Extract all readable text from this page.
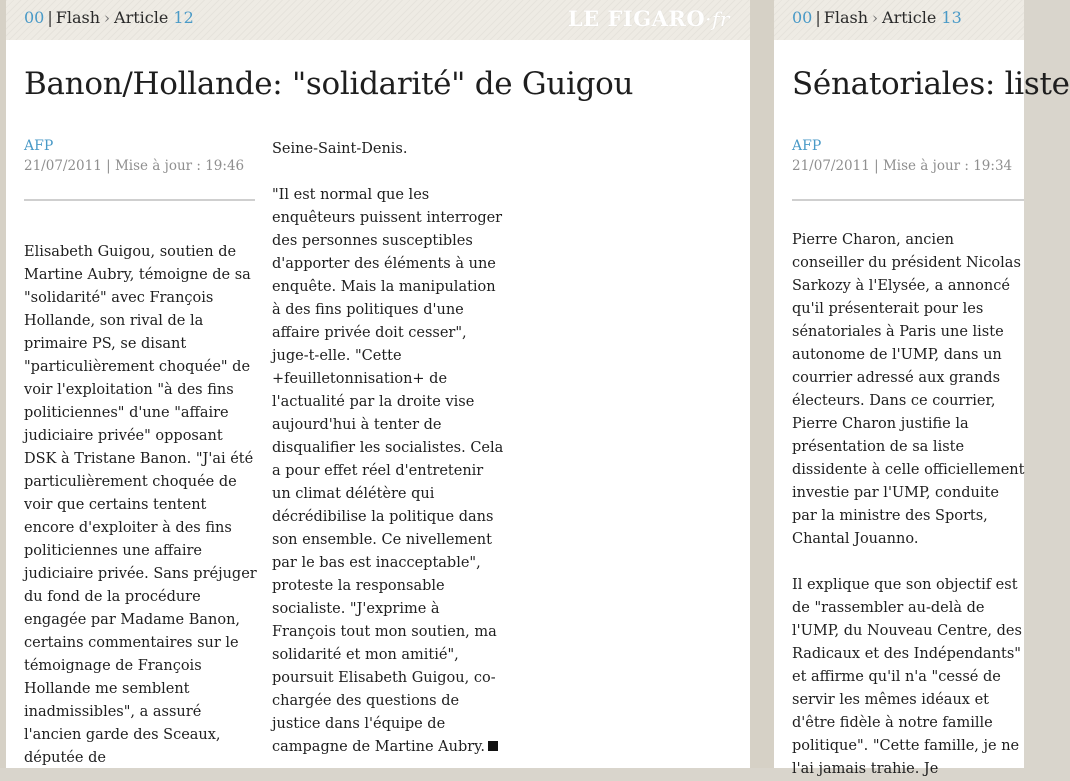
00 | Flash › Article 12	LE FIGARO·fr
Banon/Hollande: "solidarité" de Guigou
AFP
21/07/2011 | Mise à jour : 19:46

Elisabeth Guigou, soutien de Martine Aubry, témoigne de sa "solidarité" avec François Hollande, son rival de la primaire PS, se disant "particulièrement choquée" de voir l'exploitation "à des fins politiciennes" d'une "affaire judiciaire privée" opposant DSK à Tristane Banon. "J'ai été particulièrement choquée de voir que certains tentent encore d'exploiter à des fins politiciennes une affaire judiciaire privée. Sans préjuger du fond de la procédure engagée par Madame Banon, certains commentaires sur le témoignage de François Hollande me semblent inadmissibles", a assuré l'ancien garde des Sceaux, députée de

Seine-Saint-Denis.

"Il est normal que les enquêteurs puissent interroger des personnes susceptibles d'apporter des éléments à une enquête. Mais la manipulation à des fins politiques d'une affaire privée doit cesser", juge-t-elle. "Cette +feuilletonnisation+ de l'actualité par la droite vise aujourd'hui à tenter de disqualifier les socialistes. Cela a pour effet réel d'entretenir un climat délétère qui décrédibilise la politique dans son ensemble. Ce nivellement par le bas est inacceptable", proteste la responsable socialiste. "J'exprime à François tout mon soutien, ma solidarité et mon amitié", poursuit Elisabeth Guigou, co-chargée des questions de justice dans l'équipe de campagne de Martine Aubry.

00 | Flash › Article 13
Sénatoriales: liste
AFP
21/07/2011 | Mise à jour : 19:34

Pierre Charon, ancien conseiller du président Nicolas Sarkozy à l'Elysée, a annoncé qu'il présenterait pour les sénatoriales à Paris une liste autonome de l'UMP, dans un courrier adressé aux grands électeurs. Dans ce courrier, Pierre Charon justifie la présentation de sa liste dissidente à celle officiellement investie par l'UMP, conduite par la ministre des Sports, Chantal Jouanno.

Il explique que son objectif est de "rassembler au-delà de l'UMP, du Nouveau Centre, des Radicaux et des Indépendants" et affirme qu'il n'a "cessé de servir les mêmes idéaux et d'être fidèle à notre famille politique". "Cette famille, je ne l'ai jamais trahie. Je
